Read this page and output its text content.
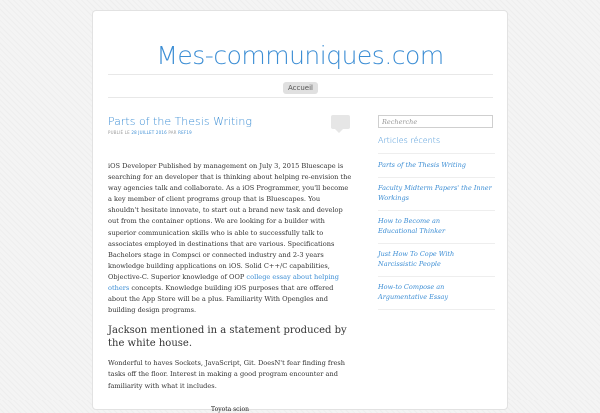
Mes-communiques.com
Accueil
Parts of the Thesis Writing
PUBLIÉ LE 28 JUILLET 2016 PAR REF19

iOS Developer Published by management on July 3, 2015 Bluescape is searching for an developer that is thinking about helping re-envision the way agencies talk and collaborate. As a iOS Programmer, you'll become a key member of client programs group that is Bluescapes. You shouldn't hesitate innovate, to start out a brand new task and develop out from the container options. We are looking for a builder with superior communication skills who is able to successfully talk to associates employed in destinations that are various. Specifications Bachelors stage in Compsci or connected industry and 2-3 years knowledge building applications on iOS. Solid C++/C capabilities, Objective-C. Superior knowledge of OOP college essay about helping others concepts. Knowledge building iOS purposes that are offered about the App Store will be a plus. Familiarity With Opengles and building design programs.

Jackson mentioned in a statement produced by the white house.

Wonderful to haves Sockets, JavaScript, Git. DoesN't fear finding fresh tasks off the floor. Interest in making a good program encounter and familiarity with what it includes.

Toyota scion
Recherche
Articles récents
Parts of the Thesis Writing
Faculty Midterm Papers' the Inner Workings
How to Become an Educational Thinker
Just How To Cope With Narcissistic People
How-to Compose an Argumentative Essay
